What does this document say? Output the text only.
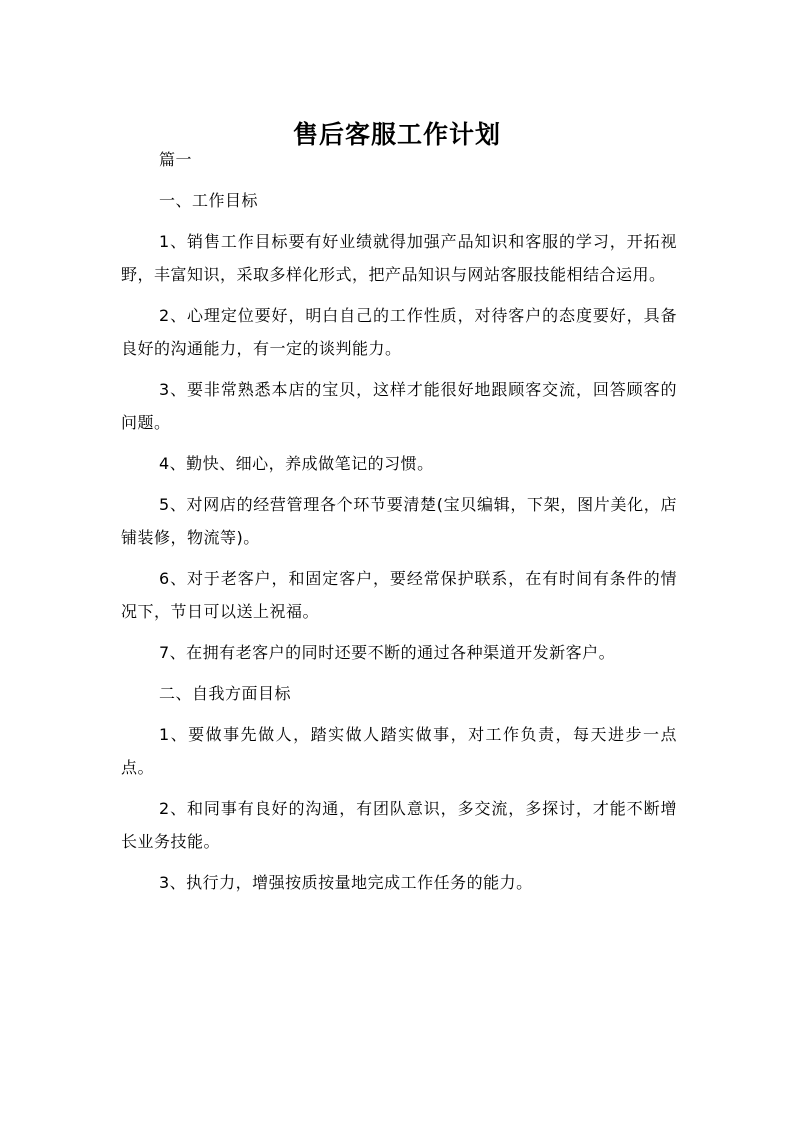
售后客服工作计划

篇一

一、工作目标

1、销售工作目标要有好业绩就得加强产品知识和客服的学习，开拓视野，丰富知识，采取多样化形式，把产品知识与网站客服技能相结合运用。

2、心理定位要好，明白自己的工作性质，对待客户的态度要好，具备良好的沟通能力，有一定的谈判能力。

3、要非常熟悉本店的宝贝，这样才能很好地跟顾客交流，回答顾客的问题。

4、勤快、细心，养成做笔记的习惯。

5、对网店的经营管理各个环节要清楚(宝贝编辑，下架，图片美化，店铺装修，物流等)。

6、对于老客户，和固定客户，要经常保护联系，在有时间有条件的情况下，节日可以送上祝福。

7、在拥有老客户的同时还要不断的通过各种渠道开发新客户。

二、自我方面目标

1、要做事先做人，踏实做人踏实做事，对工作负责，每天进步一点点。

2、和同事有良好的沟通，有团队意识，多交流，多探讨，才能不断增长业务技能。

3、执行力，增强按质按量地完成工作任务的能力。
